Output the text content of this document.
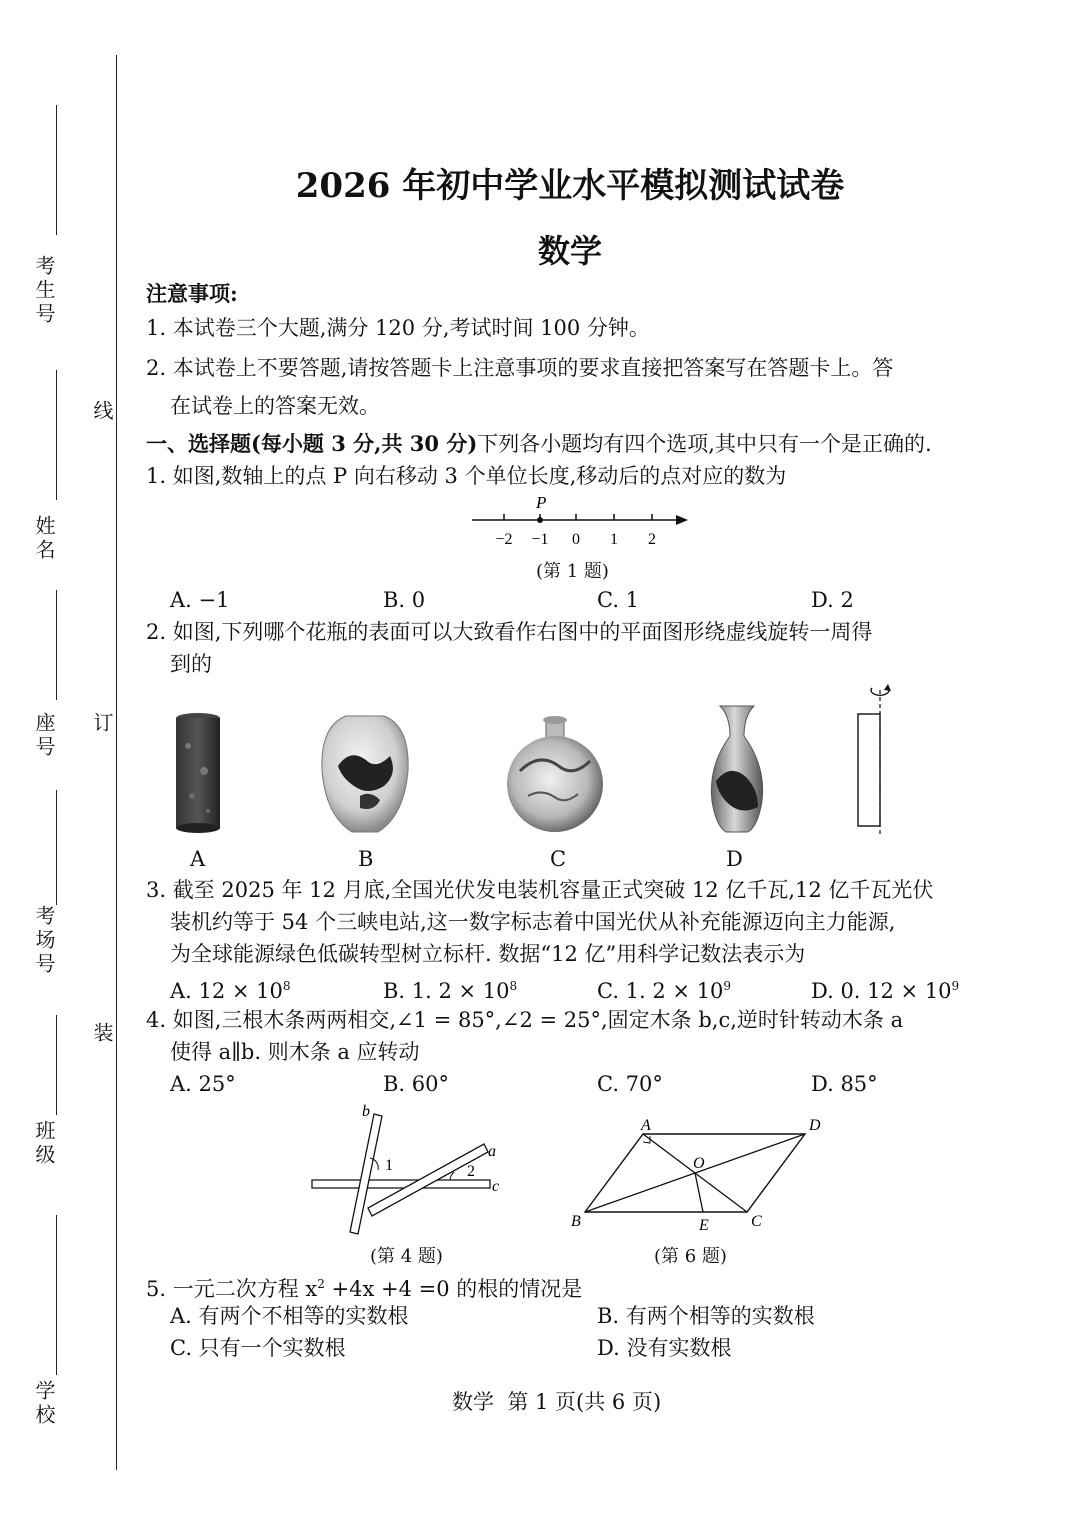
考生号
姓名
座号
考场号
班级
学校
线
订
装
2026 年初中学业水平模拟测试试卷
数学
注意事项:
1. 本试卷三个大题,满分 120 分,考试时间 100 分钟。
2. 本试卷上不要答题,请按答题卡上注意事项的要求直接把答案写在答题卡上。答
在试卷上的答案无效。
一、选择题(每小题 3 分,共 30 分)下列各小题均有四个选项,其中只有一个是正确的.
1. 如图,数轴上的点 P 向右移动 3 个单位长度,移动后的点对应的数为
P
−2 −1 0 1 2
(第 1 题)
A. −1	B. 0	C. 1	D. 2
2. 如图,下列哪个花瓶的表面可以大致看作右图中的平面图形绕虚线旋转一周得
到的
A	B	C	D
3. 截至 2025 年 12 月底,全国光伏发电装机容量正式突破 12 亿千瓦,12 亿千瓦光伏
装机约等于 54 个三峡电站,这一数字标志着中国光伏从补充能源迈向主力能源,
为全球能源绿色低碳转型树立标杆. 数据“12 亿”用科学记数法表示为
A. $12 \times 10^8$	B. 1. $2 \times 10^8$	C. 1. $2 \times 10^9$	D. 0. $12 \times 10^9$
4. 如图,三根木条两两相交,∠1 = 85°,∠2 = 25°,固定木条 b,c,逆时针转动木条 a
使得 a∥b. 则木条 a 应转动
A. 25°	B. 60°	C. 70°	D. 85°
b
a
c
1	2
(第 4 题)
A	D
O
B	E	C
(第 6 题)
5. 一元二次方程 $x^2 +4x +4 =0$ 的根的情况是
A. 有两个不相等的实数根	B. 有两个相等的实数根
C. 只有一个实数根	D. 没有实数根
数学  第 1 页(共 6 页)
